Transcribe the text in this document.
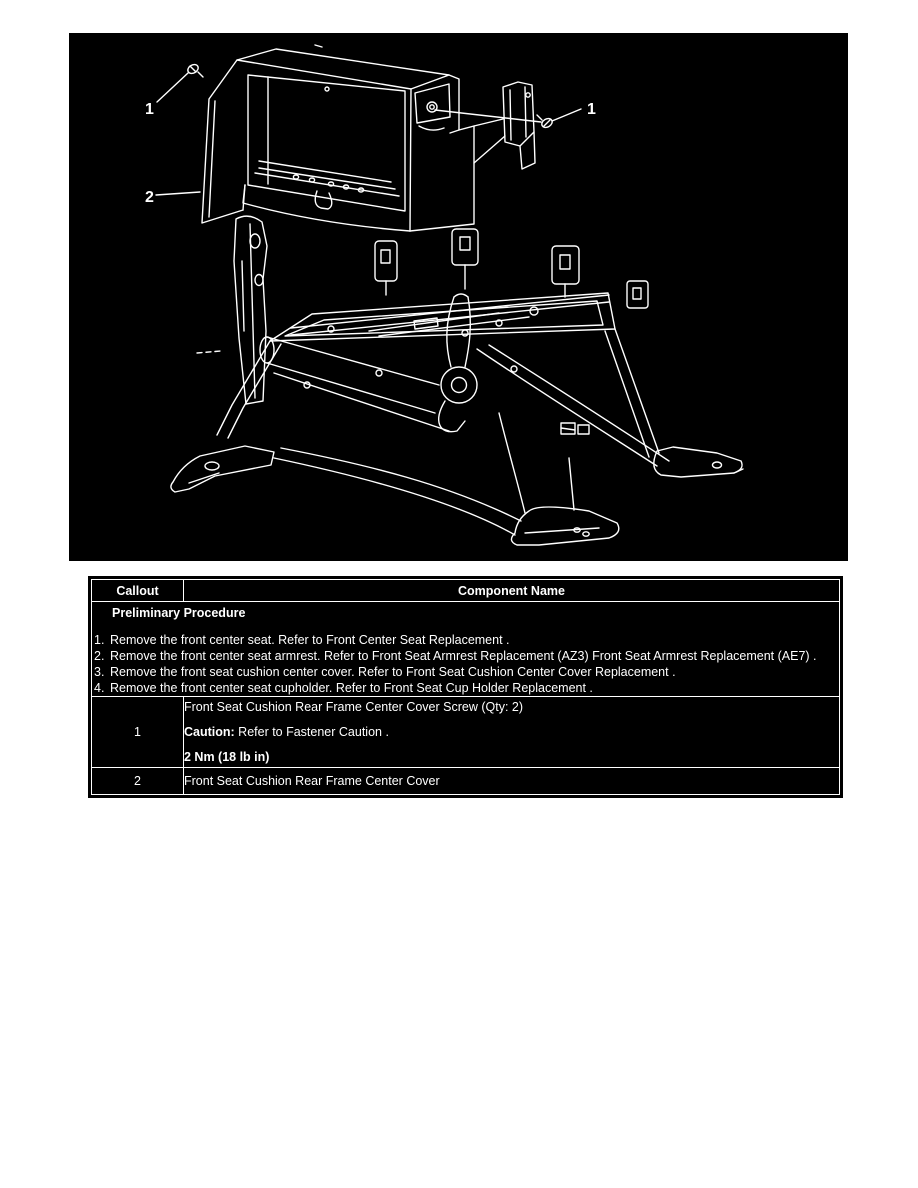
1	1
2
Callout	Component Name

Preliminary Procedure
1. Remove the front center seat. Refer to Front Center Seat Replacement .
2. Remove the front center seat armrest. Refer to Front Seat Armrest Replacement (AZ3) Front Seat Armrest Replacement (AE7) .
3. Remove the front seat cushion center cover. Refer to Front Seat Cushion Center Cover Replacement .
4. Remove the front center seat cupholder. Refer to Front Seat Cup Holder Replacement .

1	Front Seat Cushion Rear Frame Center Cover Screw (Qty: 2)

Caution: Refer to Fastener Caution .

2 Nm (18 lb in)

2	Front Seat Cushion Rear Frame Center Cover
